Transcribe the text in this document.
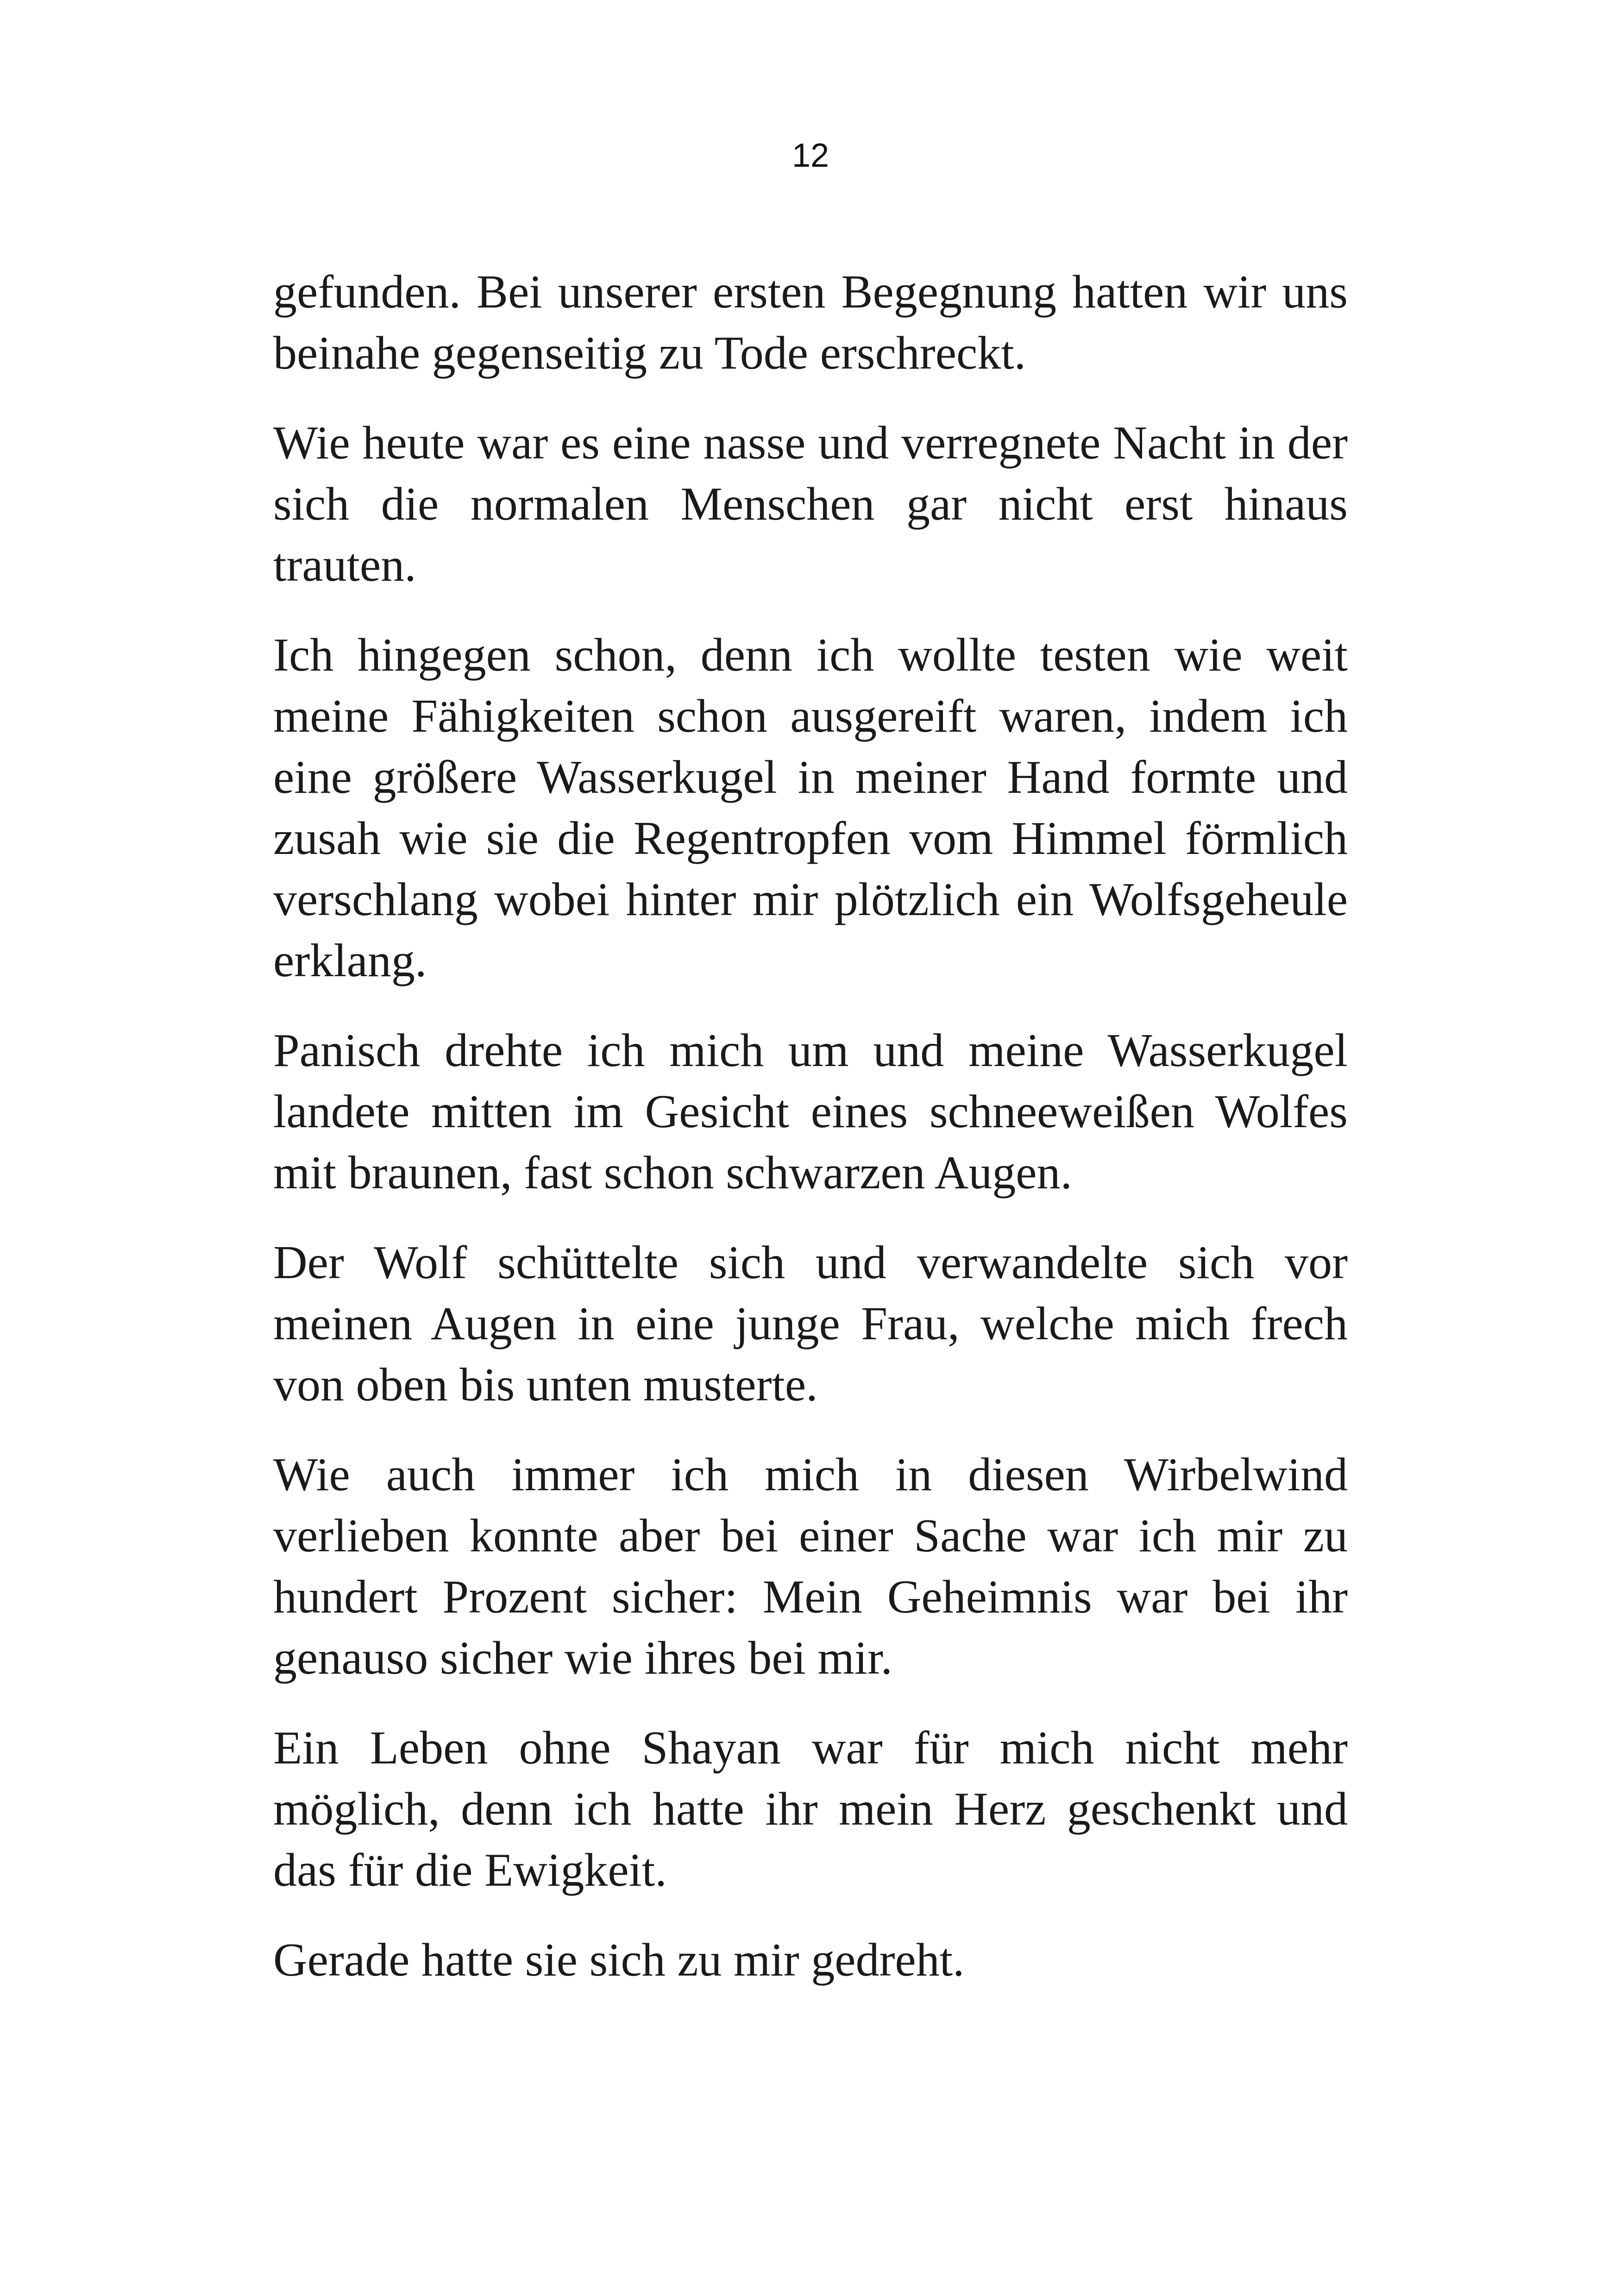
12

gefunden. Bei unserer ersten Begegnung hatten wir uns beinahe gegenseitig zu Tode erschreckt.

Wie heute war es eine nasse und verregnete Nacht in der sich die normalen Menschen gar nicht erst hinaus trauten.

Ich hingegen schon, denn ich wollte testen wie weit meine Fähigkeiten schon ausgereift waren, indem ich eine größere Wasserkugel in meiner Hand formte und zusah wie sie die Regentropfen vom Himmel förmlich verschlang wobei hinter mir plötzlich ein Wolfsgeheule erklang.

Panisch drehte ich mich um und meine Wasserkugel landete mitten im Gesicht eines schneeweißen Wolfes mit braunen, fast schon schwarzen Augen.

Der Wolf schüttelte sich und verwandelte sich vor meinen Augen in eine junge Frau, welche mich frech von oben bis unten musterte.

Wie auch immer ich mich in diesen Wirbelwind verlieben konnte aber bei einer Sache war ich mir zu hundert Prozent sicher: Mein Geheimnis war bei ihr genauso sicher wie ihres bei mir.

Ein Leben ohne Shayan war für mich nicht mehr möglich, denn ich hatte ihr mein Herz geschenkt und das für die Ewigkeit.

Gerade hatte sie sich zu mir gedreht.
